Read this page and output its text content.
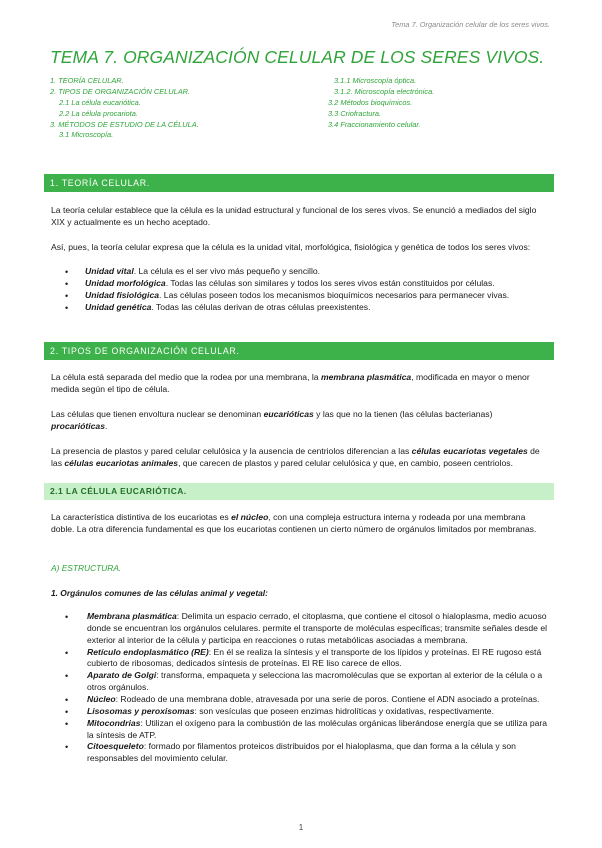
Tema 7. Organización celular de los seres vivos.
TEMA 7. ORGANIZACIÓN CELULAR DE LOS SERES VIVOS.
1. TEORÍA CELULAR.
2. TIPOS DE ORGANIZACIÓN CELULAR.
2.1 La célula eucariótica.
2.2 La célula procariota.
3. MÉTODOS DE ESTUDIO DE LA CÉLULA.
3.1 Microscopía.
3.1.1 Microscopía óptica.
3.1.2. Microscopía electrónica.
3.2 Métodos bioquímicos.
3.3 Criofractura.
3.4 Fraccionamiento celular.
1. TEORÍA CELULAR.
La teoría celular establece que la célula es la unidad estructural y funcional de los seres vivos. Se enunció a mediados del siglo XIX y actualmente es un hecho aceptado.
Así, pues, la teoría celular expresa que la célula es la unidad vital, morfológica, fisiológica y genética de todos los seres vivos:
• Unidad vital. La célula es el ser vivo más pequeño y sencillo.
• Unidad morfológica. Todas las células son similares y todos los seres vivos están constituidos por células.
• Unidad fisiológica. Las células poseen todos los mecanismos bioquímicos necesarios para permanecer vivas.
• Unidad genética. Todas las células derivan de otras células preexistentes.
2. TIPOS DE ORGANIZACIÓN CELULAR.
La célula está separada del medio que la rodea por una membrana, la membrana plasmática, modificada en mayor o menor medida según el tipo de célula.
Las células que tienen envoltura nuclear se denominan eucarióticas y las que no la tienen (las células bacterianas) procarióticas.
La presencia de plastos y pared celular celulósica y la ausencia de centriolos diferencian a las células eucariotas vegetales de las células eucariotas animales, que carecen de plastos y pared celular celulósica y que, en cambio, poseen centriolos.
2.1 LA CÉLULA EUCARIÓTICA.
La característica distintiva de los eucariotas es el núcleo, con una compleja estructura interna y rodeada por una membrana doble. La otra diferencia fundamental es que los eucariotas contienen un cierto número de orgánulos limitados por membranas.
A) ESTRUCTURA.
1. Orgánulos comunes de las células animal y vegetal:
• Membrana plasmática: Delimita un espacio cerrado, el citoplasma, que contiene el citosol o hialoplasma, medio acuoso donde se encuentran los orgánulos celulares. permite el transporte de moléculas específicas; transmite señales desde el exterior al interior de la célula y participa en reacciones o rutas metabólicas asociadas a membrana.
• Retículo endoplasmático (RE): En él se realiza la síntesis y el transporte de los lípidos y proteínas. El RE rugoso está cubierto de ribosomas, dedicados síntesis de proteínas. El RE liso carece de ellos.
• Aparato de Golgi: transforma, empaqueta y selecciona las macromoléculas que se exportan al exterior de la célula o a otros orgánulos.
• Núcleo: Rodeado de una membrana doble, atravesada por una serie de poros. Contiene el ADN asociado a proteínas.
• Lisosomas y peroxisomas: son vesículas que poseen enzimas hidrolíticas y oxidativas, respectivamente.
• Mitocondrias: Utilizan el oxígeno para la combustión de las moléculas orgánicas liberándose energía que se utiliza para la síntesis de ATP.
• Citoesqueleto: formado por filamentos proteicos distribuidos por el hialoplasma, que dan forma a la célula y son responsables del movimiento celular.
1
